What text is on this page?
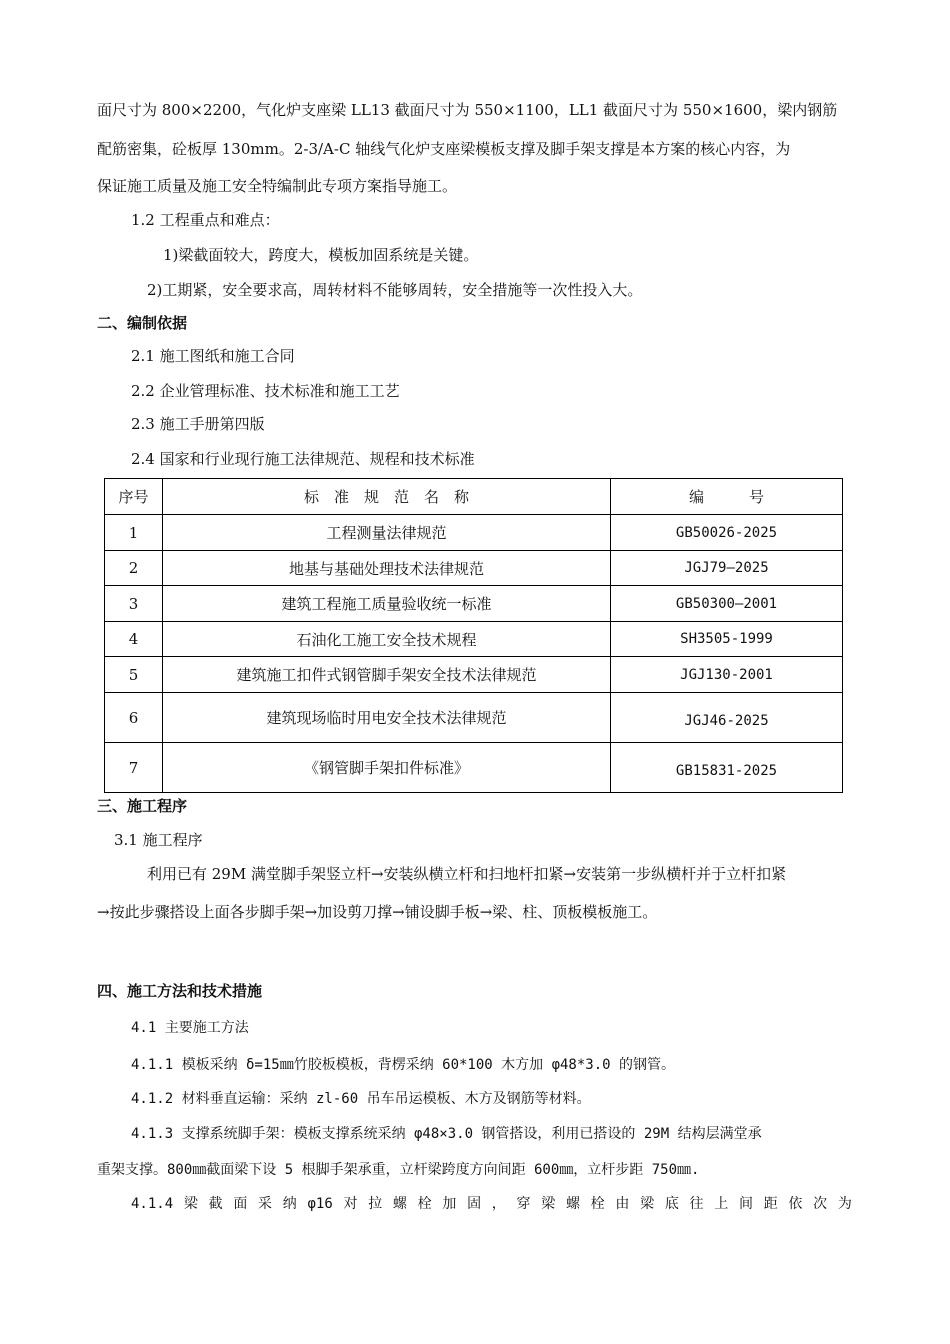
面尺寸为 800×2200，气化炉支座梁 LL13 截面尺寸为 550×1100，LL1 截面尺寸为 550×1600，梁内钢筋
配筋密集，砼板厚 130mm。2-3/A-C 轴线气化炉支座梁模板支撑及脚手架支撑是本方案的核心内容，为
保证施工质量及施工安全特编制此专项方案指导施工。
1.2 工程重点和难点：
1)梁截面较大，跨度大，模板加固系统是关键。
2)工期紧，安全要求高，周转材料不能够周转，安全措施等一次性投入大。
二、编制依据
2.1 施工图纸和施工合同
2.2 企业管理标准、技术标准和施工工艺
2.3 施工手册第四版
2.4 国家和行业现行施工法律规范、规程和技术标准
序号	标　准　规　范　名　称	编　　　号
1	工程测量法律规范	GB50026-2025
2	地基与基础处理技术法律规范	JGJ79—2025
3	建筑工程施工质量验收统一标准	GB50300—2001
4	石油化工施工安全技术规程	SH3505-1999
5	建筑施工扣件式钢管脚手架安全技术法律规范	JGJ130-2001
6	建筑现场临时用电安全技术法律规范	JGJ46-2025
7	《钢管脚手架扣件标准》	GB15831-2025
三、施工程序
3.1 施工程序
利用已有 29M 满堂脚手架竖立杆→安装纵横立杆和扫地杆扣紧→安装第一步纵横杆并于立杆扣紧
→按此步骤搭设上面各步脚手架→加设剪刀撑→铺设脚手板→梁、柱、顶板模板施工。
四、施工方法和技术措施
4.1 主要施工方法
4.1.1 模板采纳 δ=15㎜竹胶板模板，背楞采纳 60*100 木方加 φ48*3.0 的钢管。
4.1.2 材料垂直运输：采纳 zl-60 吊车吊运模板、木方及钢筋等材料。
4.1.3 支撑系统脚手架：模板支撑系统采纳 φ48×3.0 钢管搭设，利用已搭设的 29M 结构层满堂承
重架支撑。800㎜截面梁下设 5 根脚手架承重，立杆梁跨度方向间距 600㎜，立杆步距 750㎜.
4.1.4 梁 截 面 采 纳 φ16 对 拉 螺 栓 加 固 ， 穿 梁 螺 栓 由 梁 底 往 上 间 距 依 次 为
